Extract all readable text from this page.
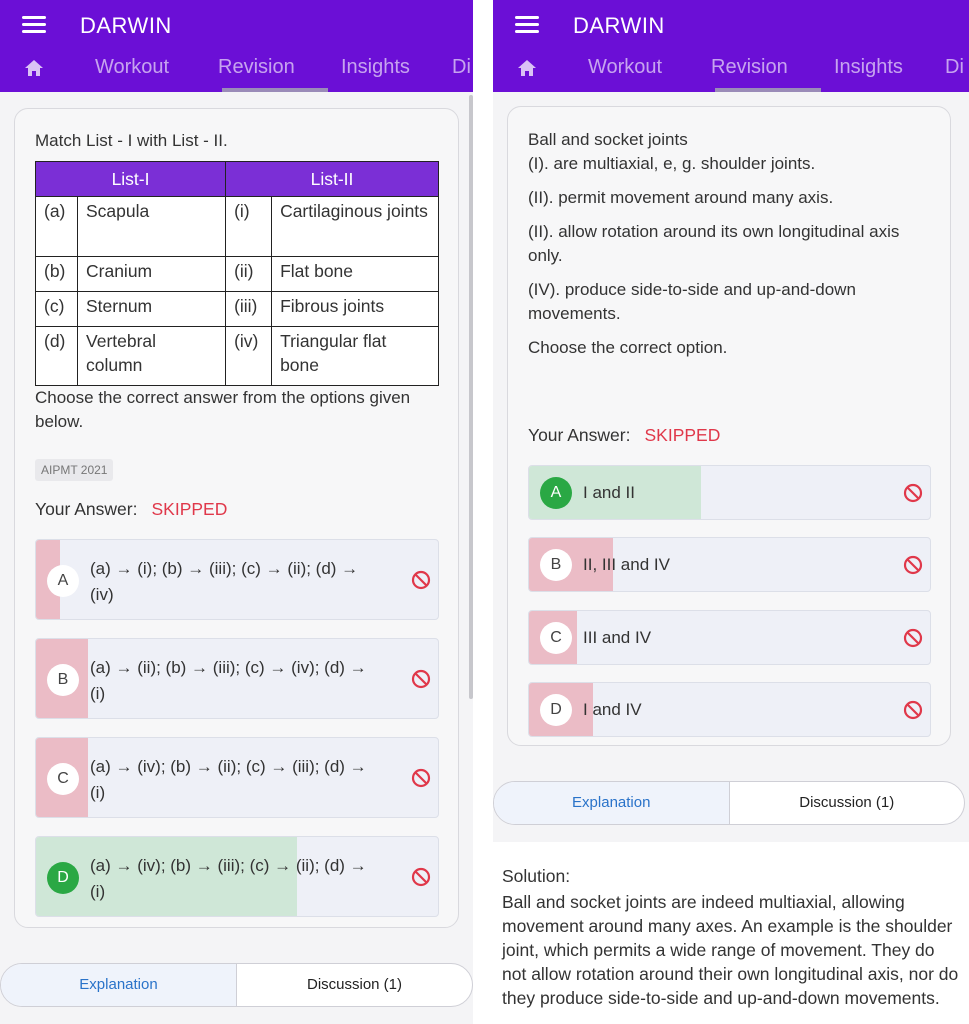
DARWIN
Workout Revision Insights Di
Match List - I with List - II.
List-I		List-II	
(a)	Scapula	(i)	Cartilaginous joints
(b)	Cranium	(ii)	Flat bone
(c)	Sternum	(iii)	Fibrous joints
(d)	Vertebral column	(iv)	Triangular flat bone
Choose the correct answer from the options given below.
AIPMT 2021
Your Answer: SKIPPED
A
(a) → (i); (b) → (iii); (c) → (ii); (d) → (iv)
B
(a) → (ii); (b) → (iii); (c) → (iv); (d) → (i)
C
(a) → (iv); (b) → (ii); (c) → (iii); (d) → (i)
D
(a) → (iv); (b) → (iii); (c) → (ii); (d) → (i)
Explanation	Discussion (1)
DARWIN
Workout Revision Insights Di
Ball and socket joints
(I). are multiaxial, e, g. shoulder joints.
(II). permit movement around many axis.
(II). allow rotation around its own longitudinal axis only.
(IV). produce side-to-side and up-and-down movements.
Choose the correct option.
Your Answer: SKIPPED
A	I and II
B	II, III and IV
C	III and IV
D	I and IV
Explanation	Discussion (1)
Solution:
Ball and socket joints are indeed multiaxial, allowing movement around many axes. An example is the shoulder joint, which permits a wide range of movement. They do not allow rotation around their own longitudinal axis, nor do they produce side-to-side and up-and-down movements.
